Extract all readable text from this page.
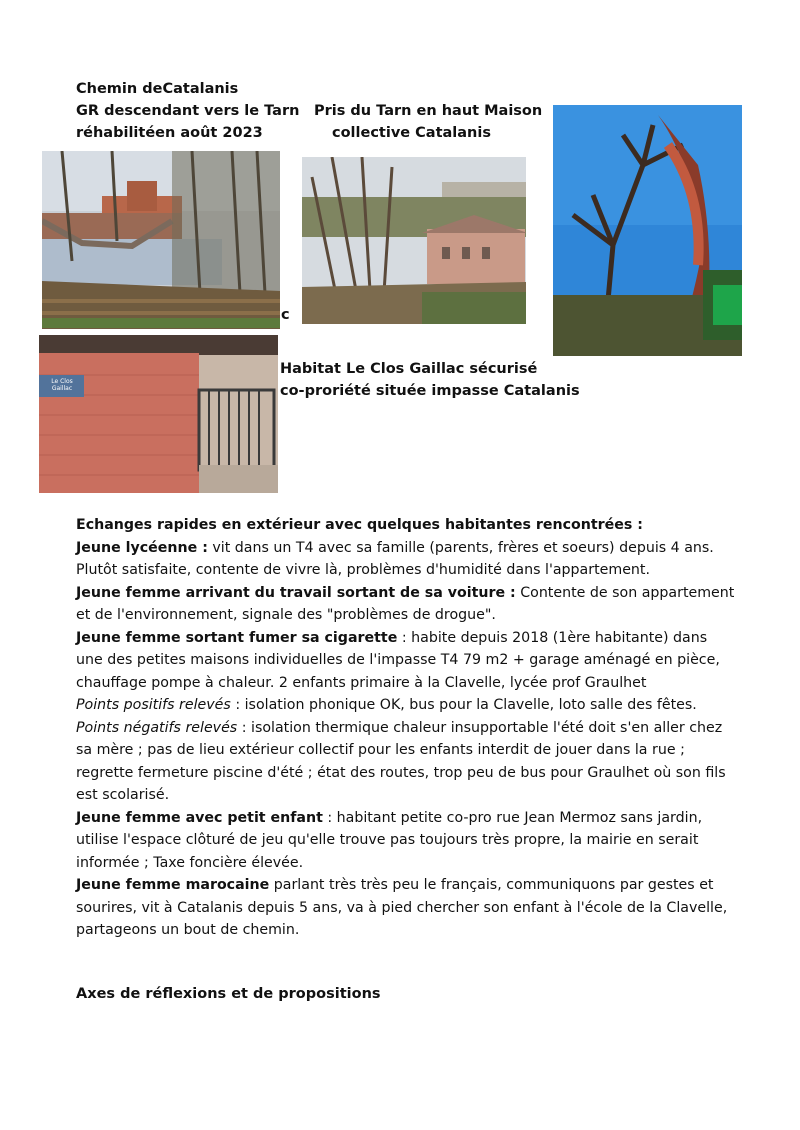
Chemin deCatalanis
GR descendant vers le Tarn
réhabilitéen août 2023
Pris du Tarn en haut Maison
collective Catalanis
c
Le Clos Gaillac
Habitat Le Clos Gaillac sécurisé
co-proriété située impasse Catalanis

Echanges rapides en extérieur avec quelques habitantes rencontrées :

Jeune lycéenne : vit dans un T4 avec sa famille (parents, frères et soeurs) depuis 4 ans. Plutôt satisfaite, contente de vivre là, problèmes d'humidité dans l'appartement.

Jeune femme arrivant du travail sortant de sa voiture : Contente de son appartement et de l'environnement, signale des "problèmes de drogue".

Jeune femme sortant fumer sa cigarette : habite depuis 2018 (1ère habitante) dans une des petites maisons individuelles de l'impasse T4 79 m2 + garage aménagé en pièce, chauffage pompe à chaleur. 2 enfants primaire à la Clavelle, lycée prof Graulhet

Points positifs relevés : isolation phonique OK, bus pour la Clavelle, loto salle des fêtes.

Points négatifs relevés : isolation thermique chaleur insupportable l'été doit s'en aller chez sa mère ; pas de lieu extérieur collectif pour les enfants interdit de jouer dans la rue ; regrette fermeture piscine d'été ; état des routes, trop peu de bus pour Graulhet où son fils est scolarisé.

Jeune femme avec petit enfant : habitant petite co-pro rue Jean Mermoz sans jardin, utilise l'espace clôturé de jeu qu'elle trouve pas toujours très propre, la mairie en serait informée ; Taxe foncière élevée.

Jeune femme marocaine parlant très très peu le français, communiquons par gestes et sourires, vit à Catalanis depuis 5 ans, va à pied chercher son enfant à l'école de la Clavelle, partageons un bout de chemin.

Axes de réflexions et de propositions
